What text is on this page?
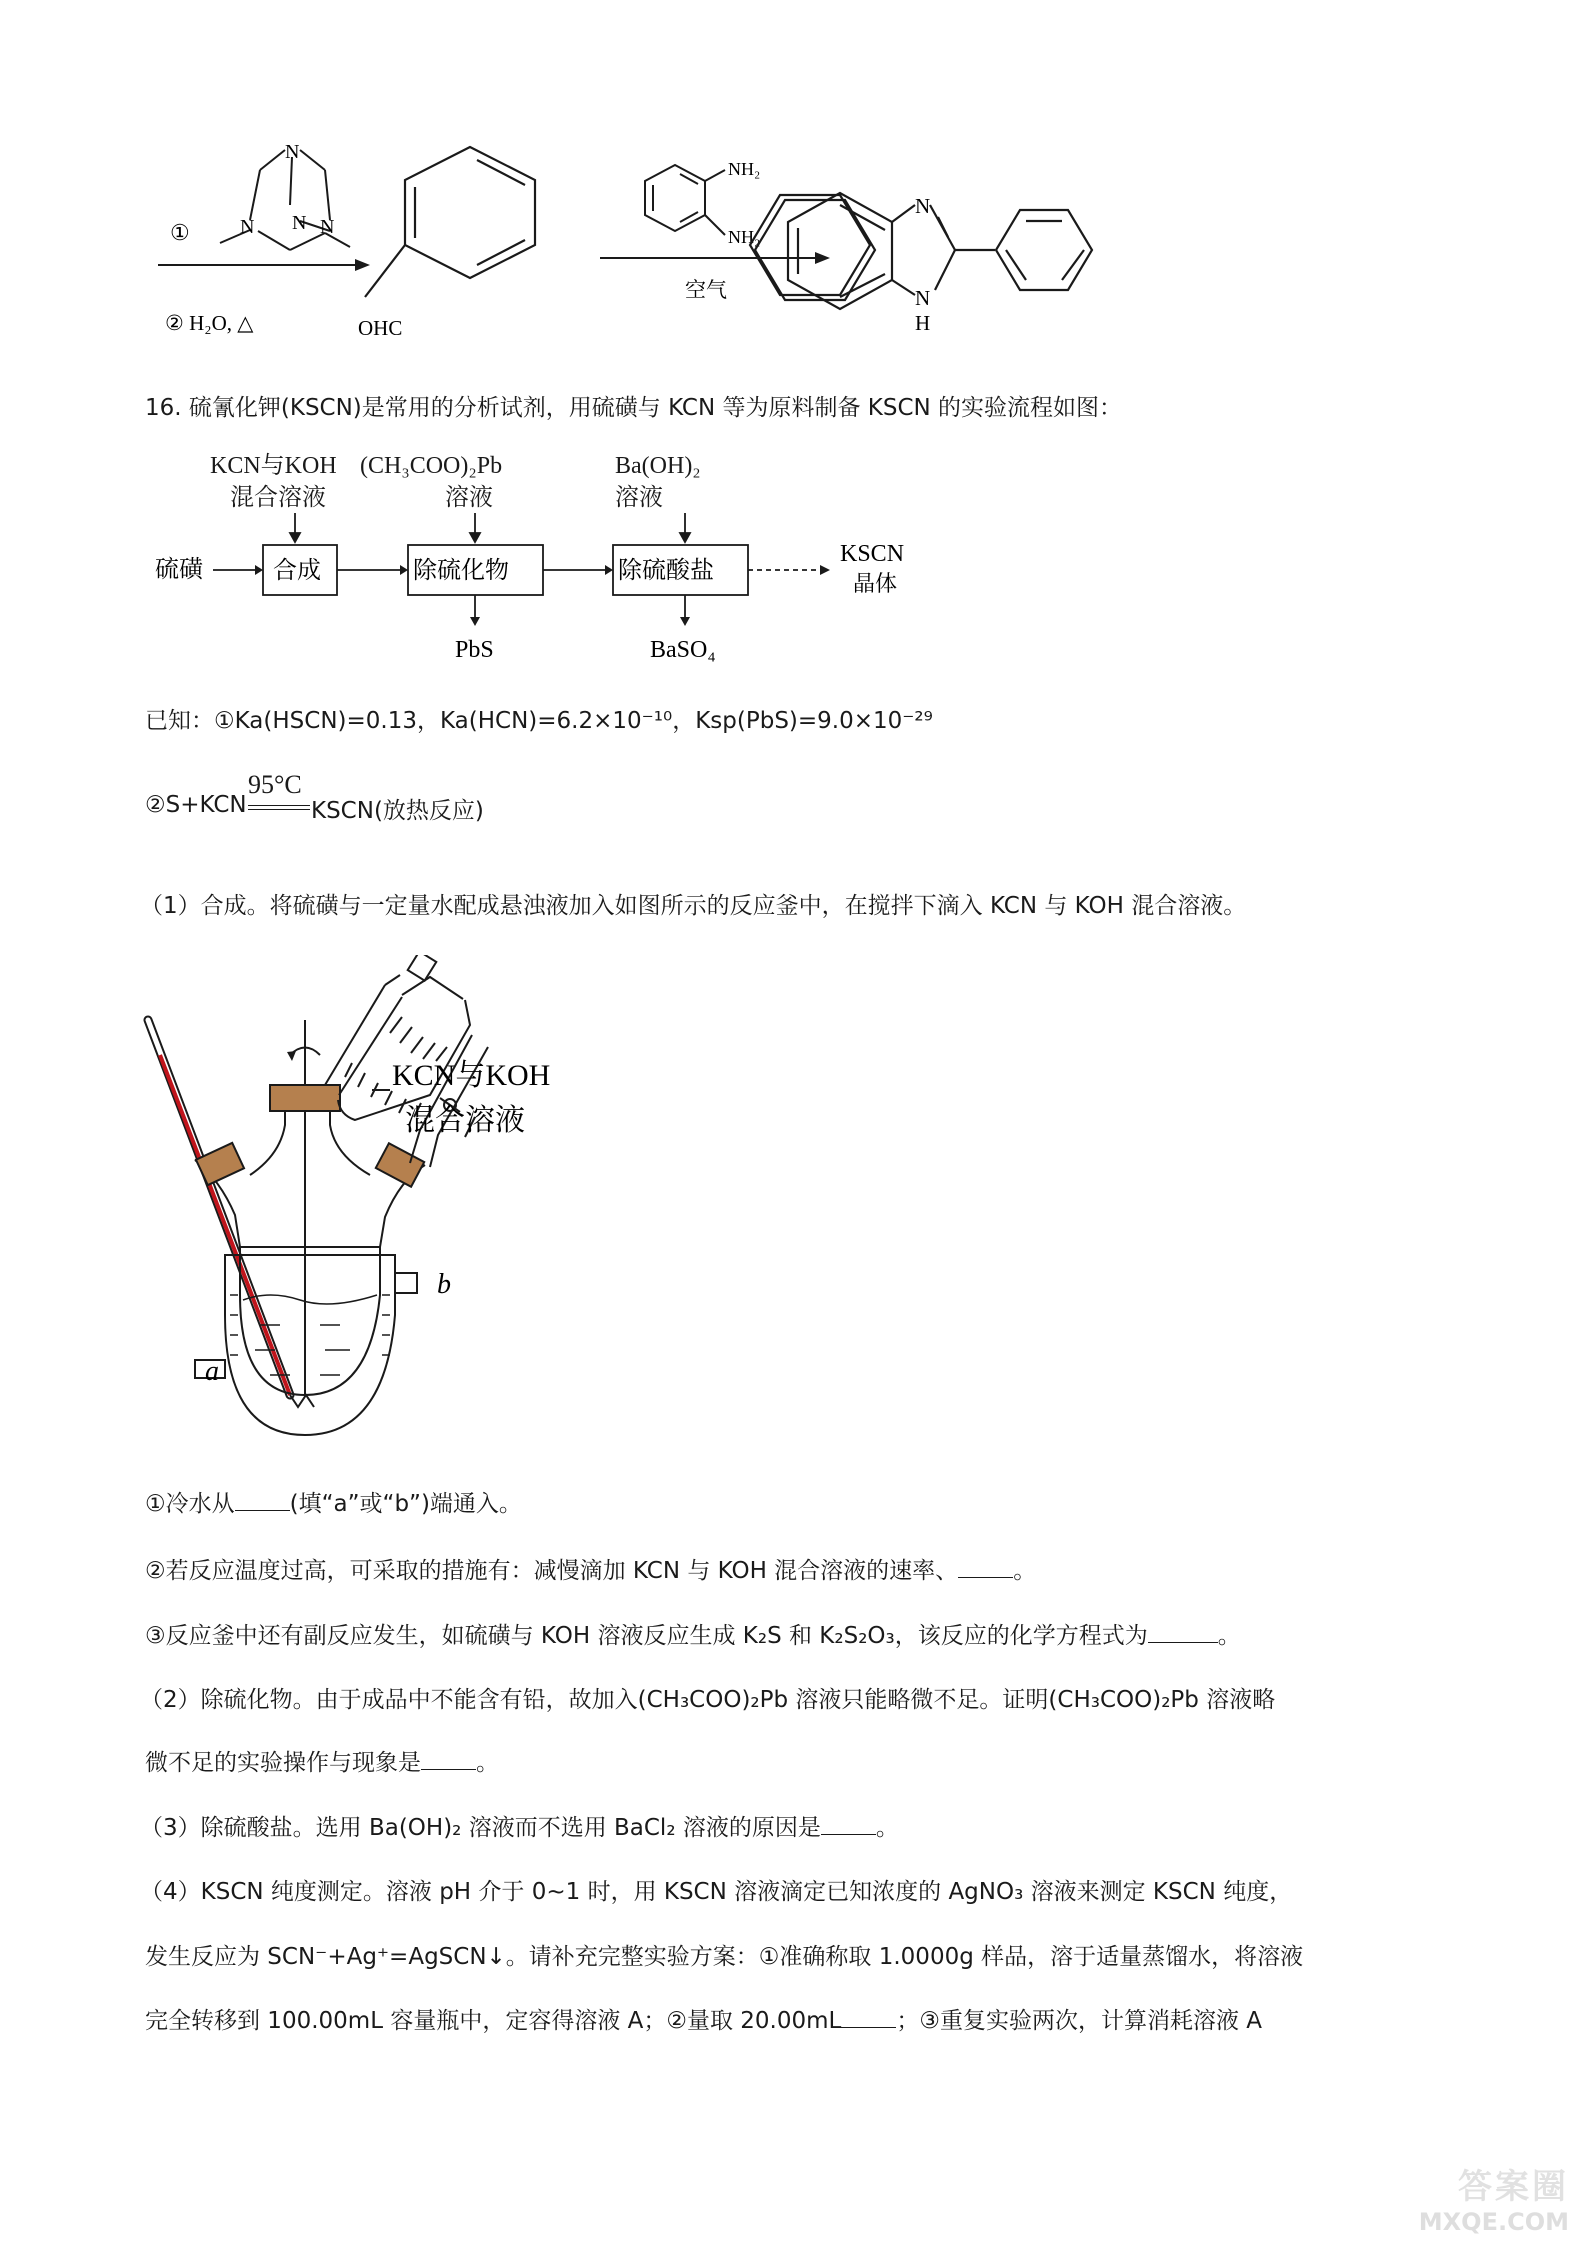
N
N N N
①
② H₂O, △	OHC
NH₂
NH₂
空气
N
N
H
16. 硫氰化钾(KSCN)是常用的分析试剂，用硫磺与 KCN 等为原料制备 KSCN 的实验流程如图：
KCN与KOH
混合溶液
(CH₃COO)₂Pb
溶液
Ba(OH)₂
溶液
硫磺	合成	除硫化物	除硫酸盐
KSCN
晶体
PbS	BaSO₄
已知：①Ka(HSCN)=0.13，Ka(HCN)=6.2×10⁻¹⁰，Ksp(PbS)=9.0×10⁻²⁹
②S+KCN
95°C
KSCN(放热反应)
（1）合成。将硫磺与一定量水配成悬浊液加入如图所示的反应釜中，在搅拌下滴入 KCN 与 KOH 混合溶液。
b
a
KCN与KOH
混合溶液
①冷水从 (填“a”或“b”)端通入。
②若反应温度过高，可采取的措施有：减慢滴加 KCN 与 KOH 混合溶液的速率、 。
③反应釜中还有副反应发生，如硫磺与 KOH 溶液反应生成 K₂S 和 K₂S₂O₃，该反应的化学方程式为	。
（2）除硫化物。由于成品中不能含有铅，故加入(CH₃COO)₂Pb 溶液只能略微不足。证明(CH₃COO)₂Pb 溶液略
微不足的实验操作与现象是 。
（3）除硫酸盐。选用 Ba(OH)₂ 溶液而不选用 BaCl₂ 溶液的原因是 。
（4）KSCN 纯度测定。溶液 pH 介于 0~1 时，用 KSCN 溶液滴定已知浓度的 AgNO₃ 溶液来测定 KSCN 纯度，
发生反应为 SCN⁻+Ag⁺=AgSCN↓。请补充完整实验方案：①准确称取 1.0000g 样品，溶于适量蒸馏水，将溶液
完全转移到 100.00mL 容量瓶中，定容得溶液 A；②量取 20.00mL ；③重复实验两次，计算消耗溶液 A
答案圈
MXQE.COM
